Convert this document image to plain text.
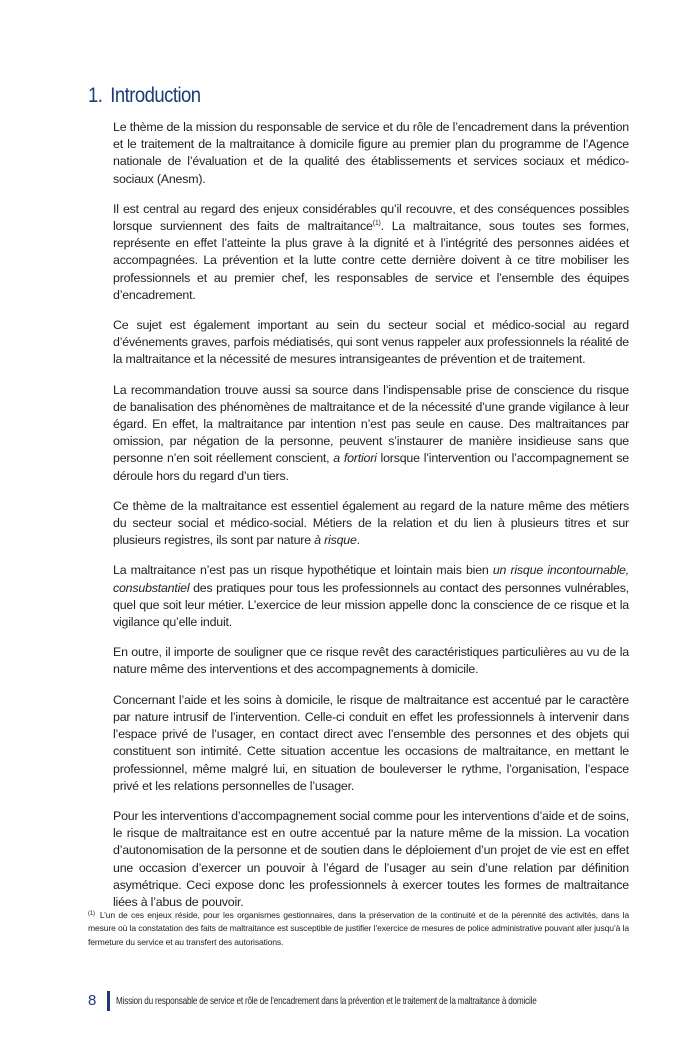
1. Introduction

Le thème de la mission du responsable de service et du rôle de l’encadrement dans la prévention et le traitement de la maltraitance à domicile figure au premier plan du programme de l’Agence nationale de l’évaluation et de la qualité des établissements et services sociaux et médico-sociaux (Anesm).

Il est central au regard des enjeux considérables qu’il recouvre, et des conséquences possibles lorsque surviennent des faits de maltraitance$^{(1)}$. La maltraitance, sous toutes ses formes, représente en effet l’atteinte la plus grave à la dignité et à l’intégrité des personnes aidées et accompagnées. La prévention et la lutte contre cette dernière doivent à ce titre mobiliser les professionnels et au premier chef, les responsables de service et l’ensemble des équipes d’encadrement.

Ce sujet est également important au sein du secteur social et médico-social au regard d’événements graves, parfois médiatisés, qui sont venus rappeler aux professionnels la réalité de la maltraitance et la nécessité de mesures intransigeantes de prévention et de traitement.

La recommandation trouve aussi sa source dans l’indispensable prise de conscience du risque de banalisation des phénomènes de maltraitance et de la nécessité d’une grande vigilance à leur égard. En effet, la maltraitance par intention n’est pas seule en cause. Des maltraitances par omission, par négation de la personne, peuvent s’instaurer de manière insidieuse sans que personne n’en soit réellement conscient, a fortiori lorsque l’intervention ou l’accompagnement se déroule hors du regard d’un tiers.

Ce thème de la maltraitance est essentiel également au regard de la nature même des métiers du secteur social et médico-social. Métiers de la relation et du lien à plusieurs titres et sur plusieurs registres, ils sont par nature à risque.

La maltraitance n’est pas un risque hypothétique et lointain mais bien un risque incontournable, consubstantiel des pratiques pour tous les professionnels au contact des personnes vulnérables, quel que soit leur métier. L’exercice de leur mission appelle donc la conscience de ce risque et la vigilance qu’elle induit.

En outre, il importe de souligner que ce risque revêt des caractéristiques particulières au vu de la nature même des interventions et des accompagnements à domicile.

Concernant l’aide et les soins à domicile, le risque de maltraitance est accentué par le caractère par nature intrusif de l’intervention. Celle-ci conduit en effet les professionnels à intervenir dans l’espace privé de l’usager, en contact direct avec l’ensemble des personnes et des objets qui constituent son intimité. Cette situation accentue les occasions de maltraitance, en mettant le professionnel, même malgré lui, en situation de bouleverser le rythme, l’organisation, l’espace privé et les relations personnelles de l’usager.

Pour les interventions d’accompagnement social comme pour les interventions d’aide et de soins, le risque de maltraitance est en outre accentué par la nature même de la mission. La vocation d’autonomisation de la personne et de soutien dans le déploiement d’un projet de vie est en effet une occasion d’exercer un pouvoir à l’égard de l’usager au sein d’une relation par définition asymétrique. Ceci expose donc les professionnels à exercer toutes les formes de maltraitance liées à l’abus de pouvoir.

$^{(1)}$ L’un de ces enjeux réside, pour les organismes gestionnaires, dans la préservation de la continuité et de la pérennité des activités, dans la mesure où la constatation des faits de maltraitance est susceptible de justifier l’exercice de mesures de police administrative pouvant aller jusqu’à la fermeture du service et au transfert des autorisations.
8 Mission du responsable de service et rôle de l’encadrement dans la prévention et le traitement de la maltraitance à domicile
